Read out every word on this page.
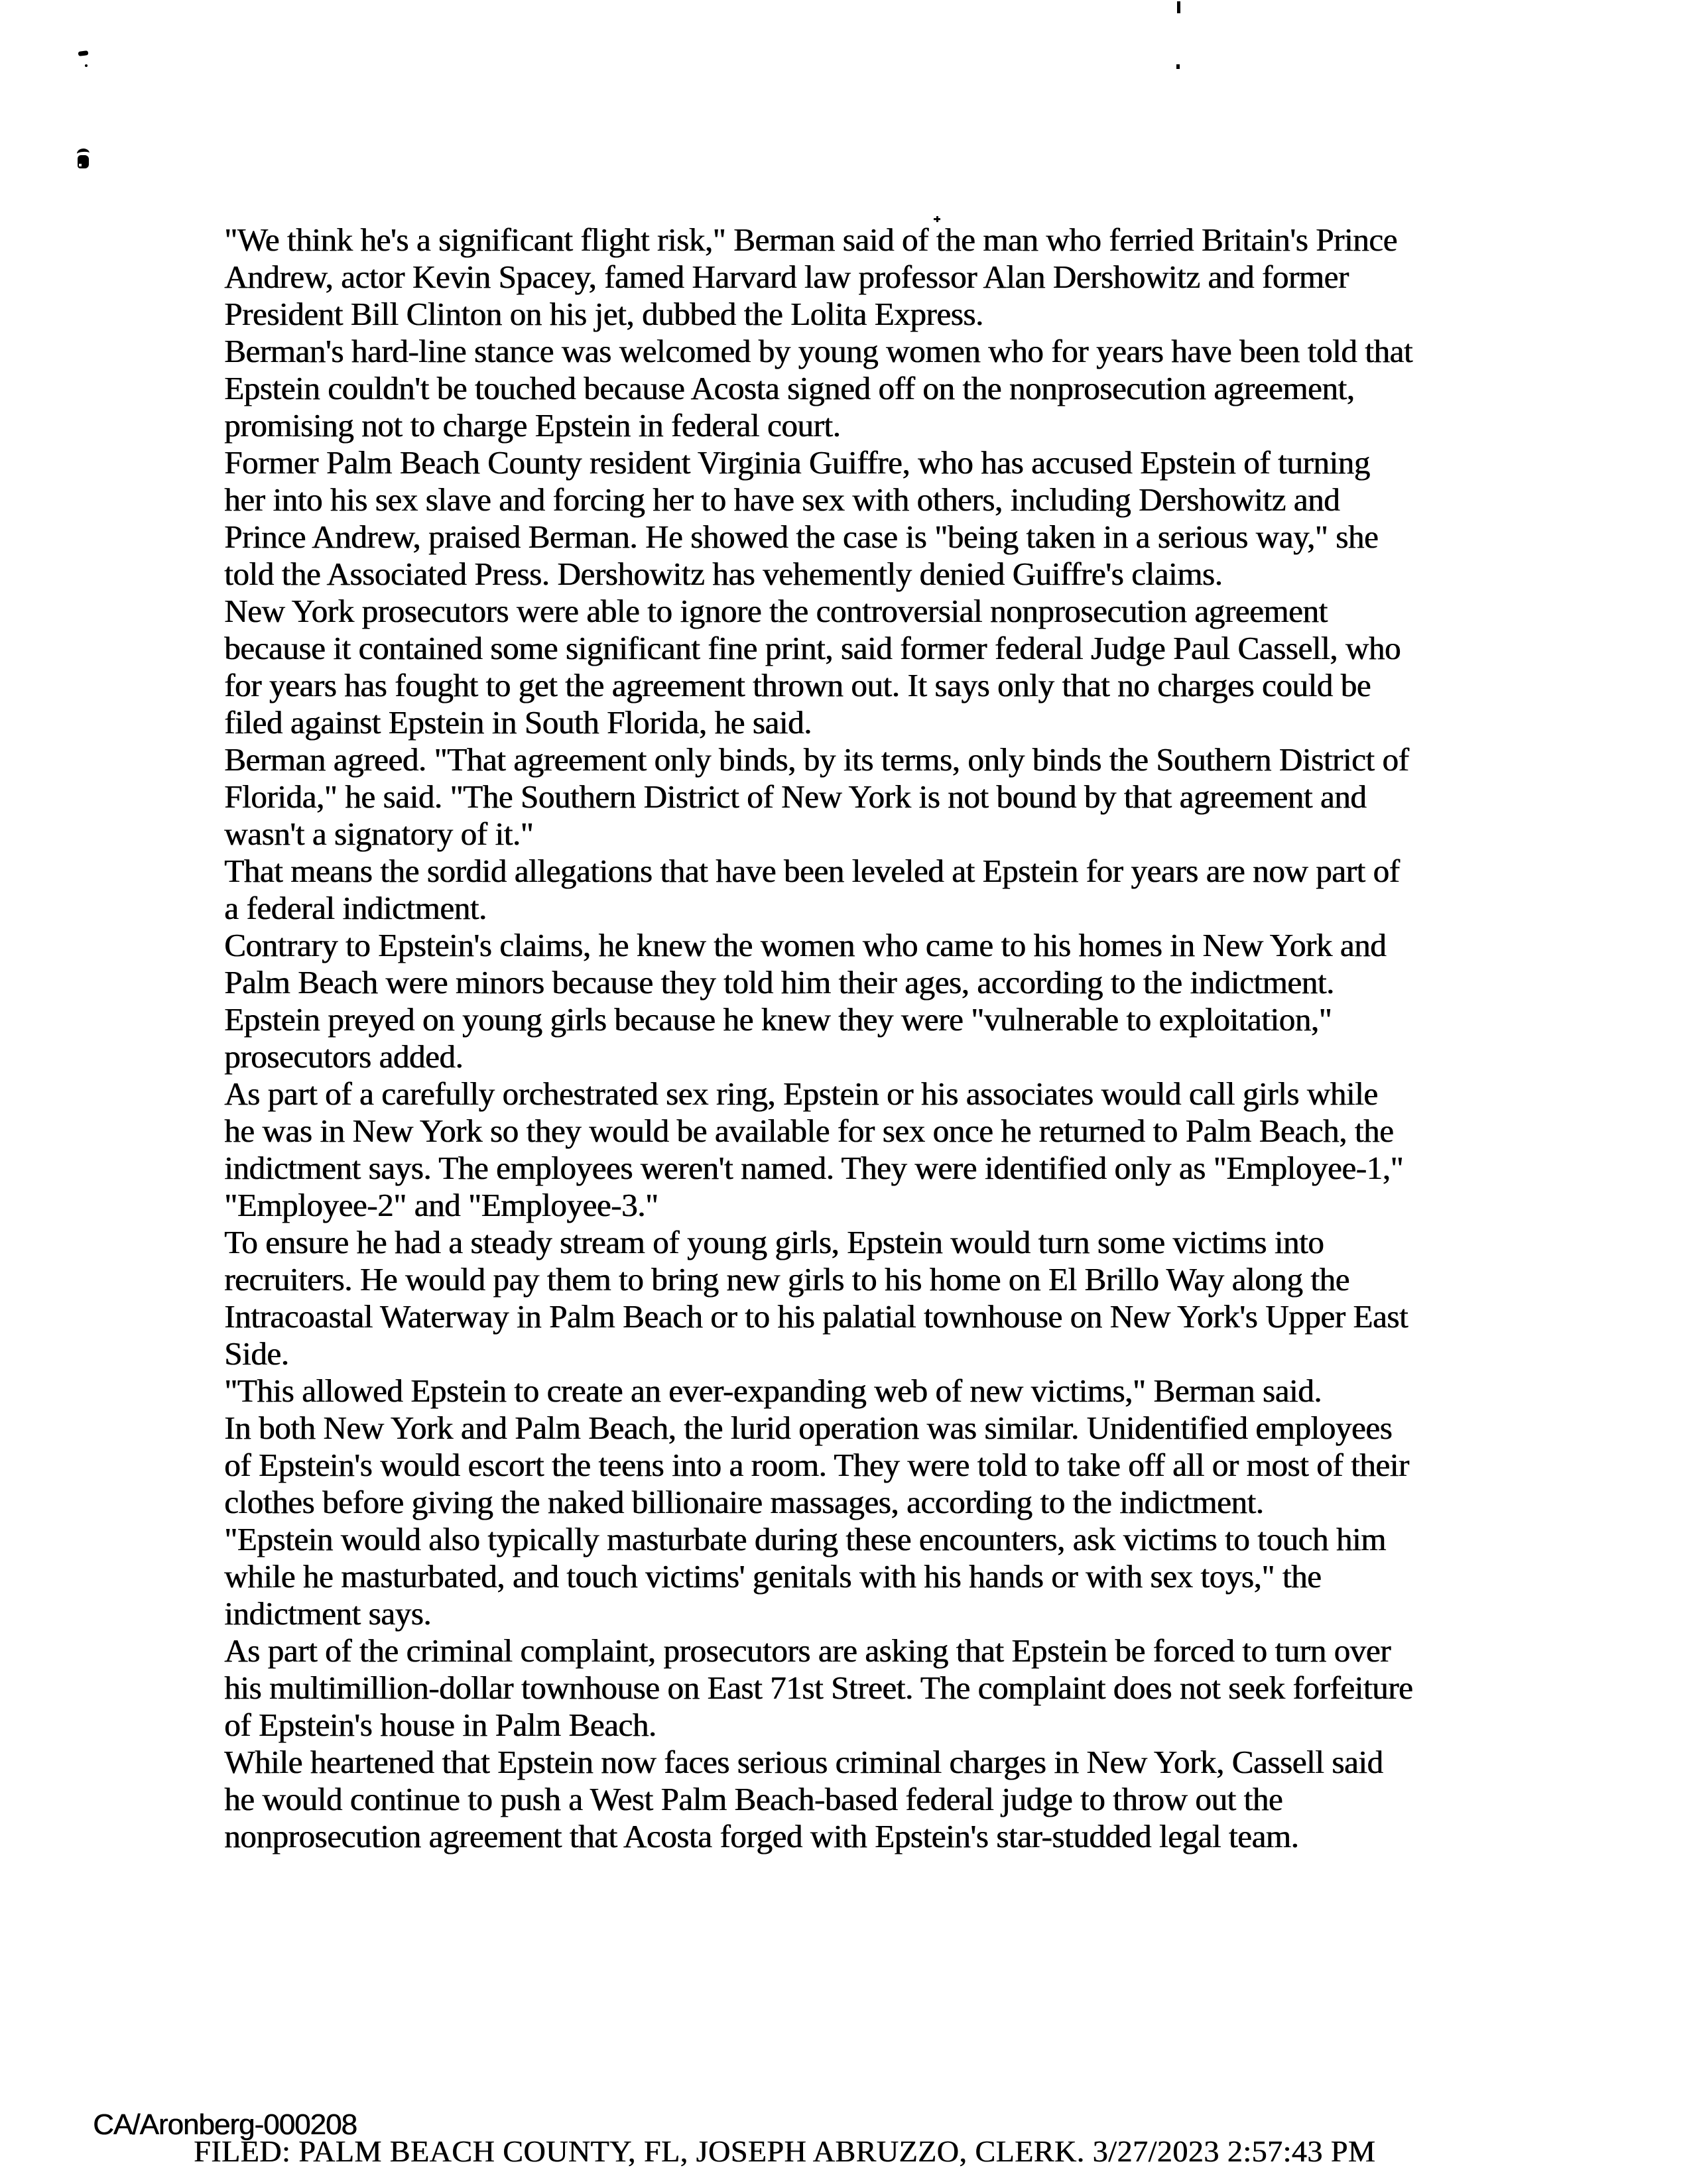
"We think he's a significant flight risk," Berman said of the man who ferried Britain's Prince
Andrew, actor Kevin Spacey, famed Harvard law professor Alan Dershowitz and former
President Bill Clinton on his jet, dubbed the Lolita Express.
Berman's hard-line stance was welcomed by young women who for years have been told that
Epstein couldn't be touched because Acosta signed off on the nonprosecution agreement,
promising not to charge Epstein in federal court.
Former Palm Beach County resident Virginia Guiffre, who has accused Epstein of turning
her into his sex slave and forcing her to have sex with others, including Dershowitz and
Prince Andrew, praised Berman. He showed the case is "being taken in a serious way," she
told the Associated Press. Dershowitz has vehemently denied Guiffre's claims.
New York prosecutors were able to ignore the controversial nonprosecution agreement
because it contained some significant fine print, said former federal Judge Paul Cassell, who
for years has fought to get the agreement thrown out. It says only that no charges could be
filed against Epstein in South Florida, he said.
Berman agreed. "That agreement only binds, by its terms, only binds the Southern District of
Florida," he said. "The Southern District of New York is not bound by that agreement and
wasn't a signatory of it."
That means the sordid allegations that have been leveled at Epstein for years are now part of
a federal indictment.
Contrary to Epstein's claims, he knew the women who came to his homes in New York and
Palm Beach were minors because they told him their ages, according to the indictment.
Epstein preyed on young girls because he knew they were "vulnerable to exploitation,"
prosecutors added.
As part of a carefully orchestrated sex ring, Epstein or his associates would call girls while
he was in New York so they would be available for sex once he returned to Palm Beach, the
indictment says. The employees weren't named. They were identified only as "Employee-1,"
"Employee-2" and "Employee-3."
To ensure he had a steady stream of young girls, Epstein would turn some victims into
recruiters. He would pay them to bring new girls to his home on El Brillo Way along the
Intracoastal Waterway in Palm Beach or to his palatial townhouse on New York's Upper East
Side.
"This allowed Epstein to create an ever-expanding web of new victims," Berman said.
In both New York and Palm Beach, the lurid operation was similar. Unidentified employees
of Epstein's would escort the teens into a room. They were told to take off all or most of their
clothes before giving the naked billionaire massages, according to the indictment.
"Epstein would also typically masturbate during these encounters, ask victims to touch him
while he masturbated, and touch victims' genitals with his hands or with sex toys," the
indictment says.
As part of the criminal complaint, prosecutors are asking that Epstein be forced to turn over
his multimillion-dollar townhouse on East 71st Street. The complaint does not seek forfeiture
of Epstein's house in Palm Beach.
While heartened that Epstein now faces serious criminal charges in New York, Cassell said
he would continue to push a West Palm Beach-based federal judge to throw out the
nonprosecution agreement that Acosta forged with Epstein's star-studded legal team.
CA/Aronberg-000208
FILED: PALM BEACH COUNTY, FL, JOSEPH ABRUZZO, CLERK. 3/27/2023 2:57:43 PM
